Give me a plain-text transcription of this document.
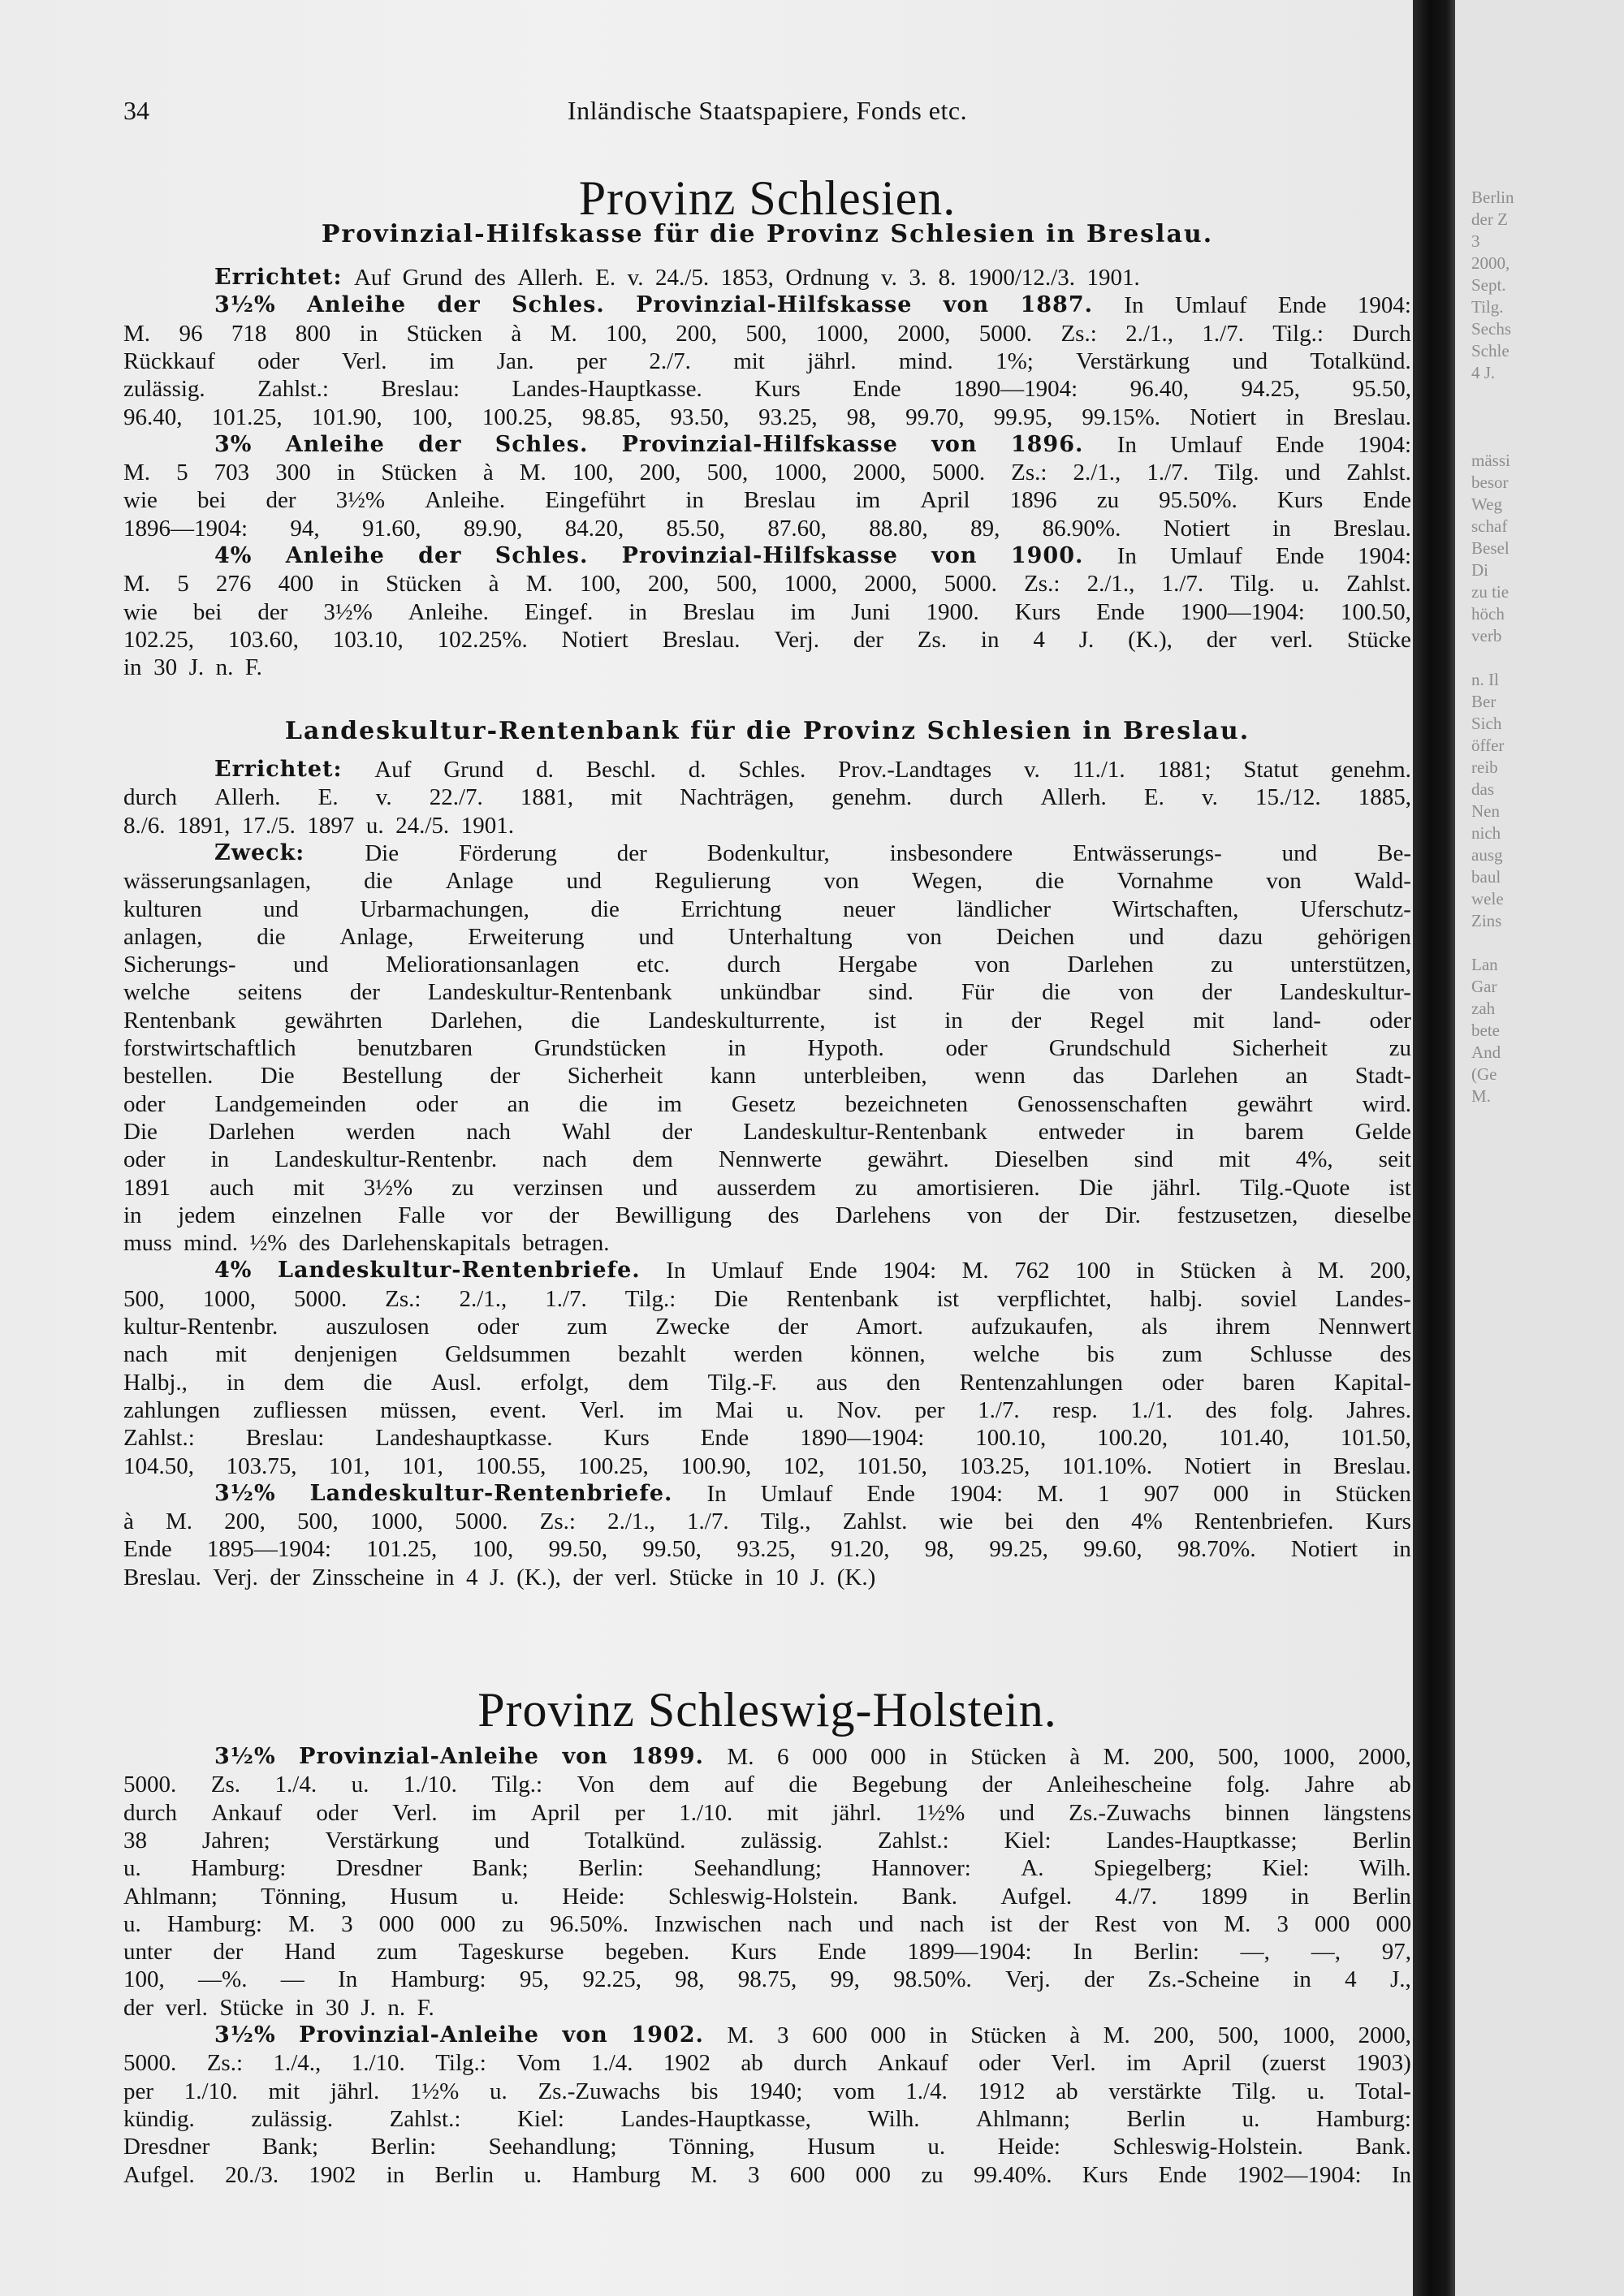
Berlin
der Z
3
2000,
Sept.
Tilg.
Sechs
Schle
4 J.
mässi
besor
Weg
schaf
Besel
Di
zu tie
höch
verb
n. Il
Ber
Sich
öffer
reib
das
Nen
nich
ausg
baul
wele
Zins
Lan
Gar
zah
bete
And
(Ge
M.
34	Inländische Staatspapiere, Fonds etc.
Provinz Schlesien.
Provinzial-Hilfskasse für die Provinz Schlesien in Breslau.
Errichtet:
Auf
Grund
des
Allerh.
E.
v.
24./5.
1853,
Ordnung
v.
3.
8.
1900/12./3.
1901.
3½% Anleihe der Schles. Provinzial-Hilfskasse von 1887. In Umlauf Ende 1904:
M. 96 718 800 in Stücken à M. 100, 200, 500, 1000, 2000, 5000. Zs.: 2./1., 1./7. Tilg.: Durch
Rückkauf oder Verl. im Jan. per 2./7. mit jährl. mind. 1%; Verstärkung und Totalkünd.
zulässig. Zahlst.: Breslau: Landes-Hauptkasse. Kurs Ende 1890—1904: 96.40, 94.25, 95.50,
96.40, 101.25, 101.90, 100, 100.25, 98.85, 93.50, 93.25, 98, 99.70, 99.95, 99.15%. Notiert in Breslau.
3% Anleihe der Schles. Provinzial-Hilfskasse von 1896. In Umlauf Ende 1904:
M. 5 703 300 in Stücken à M. 100, 200, 500, 1000, 2000, 5000. Zs.: 2./1., 1./7. Tilg. und Zahlst.
wie bei der 3½% Anleihe. Eingeführt in Breslau im April 1896 zu 95.50%. Kurs Ende
1896—1904: 94, 91.60, 89.90, 84.20, 85.50, 87.60, 88.80, 89, 86.90%. Notiert in Breslau.
4% Anleihe der Schles. Provinzial-Hilfskasse von 1900. In Umlauf Ende 1904:
M. 5 276 400 in Stücken à M. 100, 200, 500, 1000, 2000, 5000. Zs.: 2./1., 1./7. Tilg. u. Zahlst.
wie bei der 3½% Anleihe. Eingef. in Breslau im Juni 1900. Kurs Ende 1900—1904: 100.50,
102.25, 103.60, 103.10, 102.25%. Notiert Breslau. Verj. der Zs. in 4 J. (K.), der verl. Stücke
in
30
J.
n.
F.
Landeskultur-Rentenbank für die Provinz Schlesien in Breslau.
Errichtet: Auf Grund d. Beschl. d. Schles. Prov.-Landtages v. 11./1. 1881; Statut genehm.
durch Allerh. E. v. 22./7. 1881, mit Nachträgen, genehm. durch Allerh. E. v. 15./12. 1885,
8./6.
1891,
17./5.
1897
u.
24./5.
1901.
Zweck:	Die	Förderung	der	Bodenkultur,	insbesondere	Entwässerungs-	und	Be-
wässerungsanlagen, die Anlage und Regulierung von Wegen, die Vornahme von Wald-
kulturen	und	Urbarmachungen,	die	Errichtung	neuer	ländlicher	Wirtschaften,	Uferschutz-
anlagen, die Anlage, Erweiterung und Unterhaltung von Deichen und dazu gehörigen
Sicherungs- und Meliorationsanlagen etc. durch Hergabe von Darlehen zu unterstützen,
welche seitens der Landeskultur-Rentenbank unkündbar sind. Für die von der Landeskultur-
Rentenbank gewährten Darlehen, die Landeskulturrente, ist in der Regel mit land- oder
forstwirtschaftlich	benutzbaren	Grundstücken	in	Hypoth.	oder	Grundschuld	Sicherheit	zu
bestellen. Die Bestellung der Sicherheit kann unterbleiben, wenn das Darlehen an Stadt-
oder Landgemeinden oder an die im Gesetz bezeichneten Genossenschaften gewährt wird.
Die Darlehen werden nach Wahl der Landeskultur-Rentenbank entweder in barem Gelde
oder in Landeskultur-Rentenbr. nach dem Nennwerte gewährt. Dieselben sind mit 4%, seit
1891 auch mit 3½% zu verzinsen und ausserdem zu amortisieren. Die jährl. Tilg.-Quote ist
in jedem einzelnen Falle vor der Bewilligung des Darlehens von der Dir. festzusetzen, dieselbe
muss
mind.
½%
des
Darlehenskapitals
betragen.
4% Landeskultur-Rentenbriefe. In Umlauf Ende 1904: M. 762 100 in Stücken à M. 200,
500, 1000, 5000. Zs.: 2./1., 1./7. Tilg.: Die Rentenbank ist verpflichtet, halbj. soviel Landes-
kultur-Rentenbr. auszulosen oder zum Zwecke der Amort. aufzukaufen, als ihrem Nennwert
nach mit denjenigen Geldsummen bezahlt werden können, welche bis zum Schlusse des
Halbj., in dem die Ausl. erfolgt, dem Tilg.-F. aus den Rentenzahlungen oder baren Kapital-
zahlungen zufliessen müssen, event. Verl. im Mai u. Nov. per 1./7. resp. 1./1. des folg. Jahres.
Zahlst.: Breslau: Landeshauptkasse. Kurs Ende 1890—1904: 100.10, 100.20, 101.40, 101.50,
104.50, 103.75, 101, 101, 100.55, 100.25, 100.90, 102, 101.50, 103.25, 101.10%. Notiert in Breslau.
3½% Landeskultur-Rentenbriefe. In Umlauf Ende 1904: M. 1 907 000 in Stücken
à M. 200, 500, 1000, 5000. Zs.: 2./1., 1./7. Tilg., Zahlst. wie bei den 4% Rentenbriefen. Kurs
Ende 1895—1904: 101.25, 100, 99.50, 99.50, 93.25, 91.20, 98, 99.25, 99.60, 98.70%. Notiert in
Breslau.
Verj.
der
Zinsscheine
in
4
J.
(K.),
der
verl.
Stücke
in
10
J.
(K.)
Provinz Schleswig-Holstein.
3½% Provinzial-Anleihe von 1899. M. 6 000 000 in Stücken à M. 200, 500, 1000, 2000,
5000. Zs. 1./4. u. 1./10. Tilg.: Von dem auf die Begebung der Anleihescheine folg. Jahre ab
durch Ankauf oder Verl. im April per 1./10. mit jährl. 1½% und Zs.-Zuwachs binnen längstens
38 Jahren; Verstärkung und Totalkünd. zulässig. Zahlst.: Kiel: Landes-Hauptkasse; Berlin
u. Hamburg: Dresdner Bank; Berlin: Seehandlung; Hannover: A. Spiegelberg; Kiel: Wilh.
Ahlmann; Tönning, Husum u. Heide: Schleswig-Holstein. Bank. Aufgel. 4./7. 1899 in Berlin
u. Hamburg: M. 3 000 000 zu 96.50%. Inzwischen nach und nach ist der Rest von M. 3 000 000
unter der Hand zum Tageskurse begeben. Kurs Ende 1899—1904: In Berlin: —, —, 97,
100, —%. — In Hamburg: 95, 92.25, 98, 98.75, 99, 98.50%. Verj. der Zs.-Scheine in 4 J.,
der
verl.
Stücke
in
30
J.
n.
F.
3½% Provinzial-Anleihe von 1902. M. 3 600 000 in Stücken à M. 200, 500, 1000, 2000,
5000. Zs.: 1./4., 1./10. Tilg.: Vom 1./4. 1902 ab durch Ankauf oder Verl. im April (zuerst 1903)
per 1./10. mit jährl. 1½% u. Zs.-Zuwachs bis 1940; vom 1./4. 1912 ab verstärkte Tilg. u. Total-
kündig. zulässig. Zahlst.: Kiel: Landes-Hauptkasse, Wilh. Ahlmann; Berlin u. Hamburg:
Dresdner Bank; Berlin: Seehandlung; Tönning, Husum u. Heide: Schleswig-Holstein. Bank.
Aufgel. 20./3. 1902 in Berlin u. Hamburg M. 3 600 000 zu 99.40%. Kurs Ende 1902—1904: In
